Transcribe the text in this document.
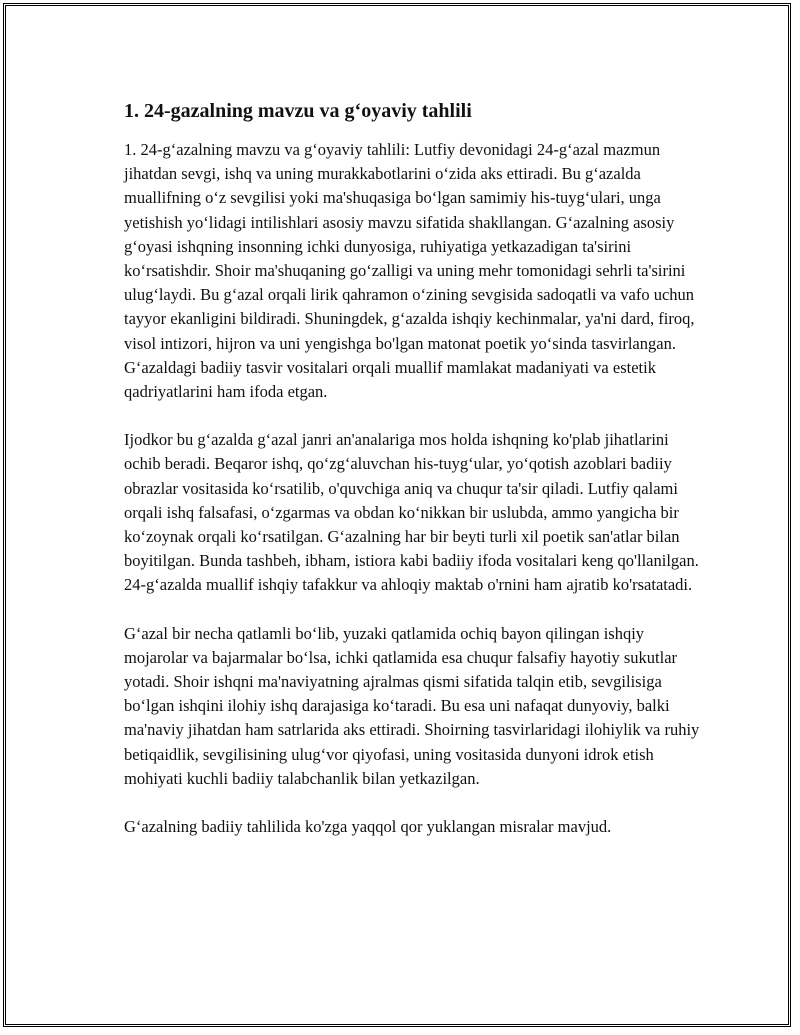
1. 24-gazalning mavzu va g‘oyaviy tahlili

1. 24-g‘azalning mavzu va g‘oyaviy tahlili: Lutfiy devonidagi 24-g‘azal mazmun jihatdan sevgi, ishq va uning murakkabotlarini o‘zida aks ettiradi. Bu g‘azalda muallifning o‘z sevgilisi yoki ma'shuqasiga bo‘lgan samimiy his-tuyg‘ulari, unga yetishish yo‘lidagi intilishlari asosiy mavzu sifatida shakllangan. G‘azalning asosiy g‘oyasi ishqning insonning ichki dunyosiga, ruhiyatiga yetkazadigan ta'sirini ko‘rsatishdir. Shoir ma'shuqaning go‘zalligi va uning mehr tomonidagi sehrli ta'sirini ulug‘laydi. Bu g‘azal orqali lirik qahramon o‘zining sevgisida sadoqatli va vafo uchun tayyor ekanligini bildiradi. Shuningdek, g‘azalda ishqiy kechinmalar, ya'ni dard, firoq, visol intizori, hijron va uni yengishga bo'lgan matonat poetik yo‘sinda tasvirlangan. G‘azaldagi badiiy tasvir vositalari orqali muallif mamlakat madaniyati va estetik qadriyatlarini ham ifoda etgan.

Ijodkor bu g‘azalda g‘azal janri an'analariga mos holda ishqning ko'plab jihatlarini ochib beradi. Beqaror ishq, qo‘zg‘aluvchan his-tuyg‘ular, yo‘qotish azoblari badiiy obrazlar vositasida ko‘rsatilib, o'quvchiga aniq va chuqur ta'sir qiladi. Lutfiy qalami orqali ishq falsafasi, o‘zgarmas va obdan ko‘nikkan bir uslubda, ammo yangicha bir ko‘zoynak orqali ko‘rsatilgan. G‘azalning har bir beyti turli xil poetik san'atlar bilan boyitilgan. Bunda tashbeh, ibham, istiora kabi badiiy ifoda vositalari keng qo'llanilgan. 24-g‘azalda muallif ishqiy tafakkur va ahloqiy maktab o'rnini ham ajratib ko'rsatatadi.

G‘azal bir necha qatlamli bo‘lib, yuzaki qatlamida ochiq bayon qilingan ishqiy mojarolar va bajarmalar bo‘lsa, ichki qatlamida esa chuqur falsafiy hayotiy sukutlar yotadi. Shoir ishqni ma'naviyatning ajralmas qismi sifatida talqin etib, sevgilisiga bo‘lgan ishqini ilohiy ishq darajasiga ko‘taradi. Bu esa uni nafaqat dunyoviy, balki ma'naviy jihatdan ham satrlarida aks ettiradi. Shoirning tasvirlaridagi ilohiylik va ruhiy betiqaidlik, sevgilisining ulug‘vor qiyofasi, uning vositasida dunyoni idrok etish mohiyati kuchli badiiy talabchanlik bilan yetkazilgan.

G‘azalning badiiy tahlilida ko'zga yaqqol qor yuklangan misralar mavjud.
